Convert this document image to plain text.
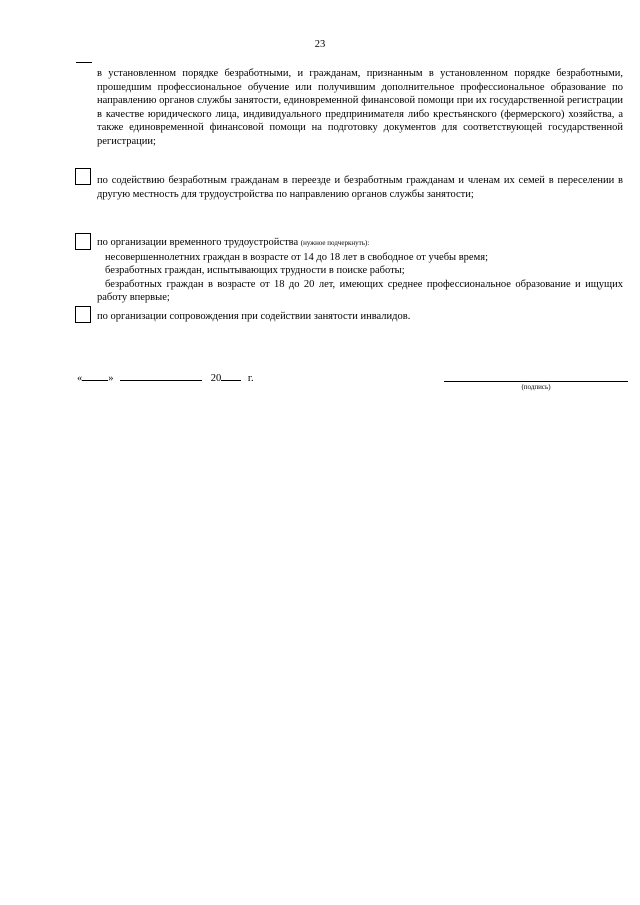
23

в установленном порядке безработными, и гражданам, признанным в установленном порядке безработными, прошедшим профессиональное обучение или получившим дополнительное профессиональное образование по направлению органов службы занятости, единовременной финансовой помощи при их государственной регистрации в качестве юридического лица, индивидуального предпринимателя либо крестьянского (фермерского) хозяйства, а также единовременной финансовой помощи на подготовку документов для соответствующей государственной регистрации;

по содействию безработным гражданам в переезде и безработным гражданам и членам их семей в переселении в другую местность для трудоустройства по направлению органов службы занятости;

по организации временного трудоустройства (нужное подчеркнуть):

несовершеннолетних граждан в возрасте от 14 до 18 лет в свободное от учебы время;

безработных граждан, испытывающих трудности в поиске работы;

безработных граждан в возрасте от 18 до 20 лет, имеющих среднее профессиональное образование и ищущих работу впервые;

по организации сопровождения при содействии занятости инвалидов.

« »	20	г.
(подпись)
